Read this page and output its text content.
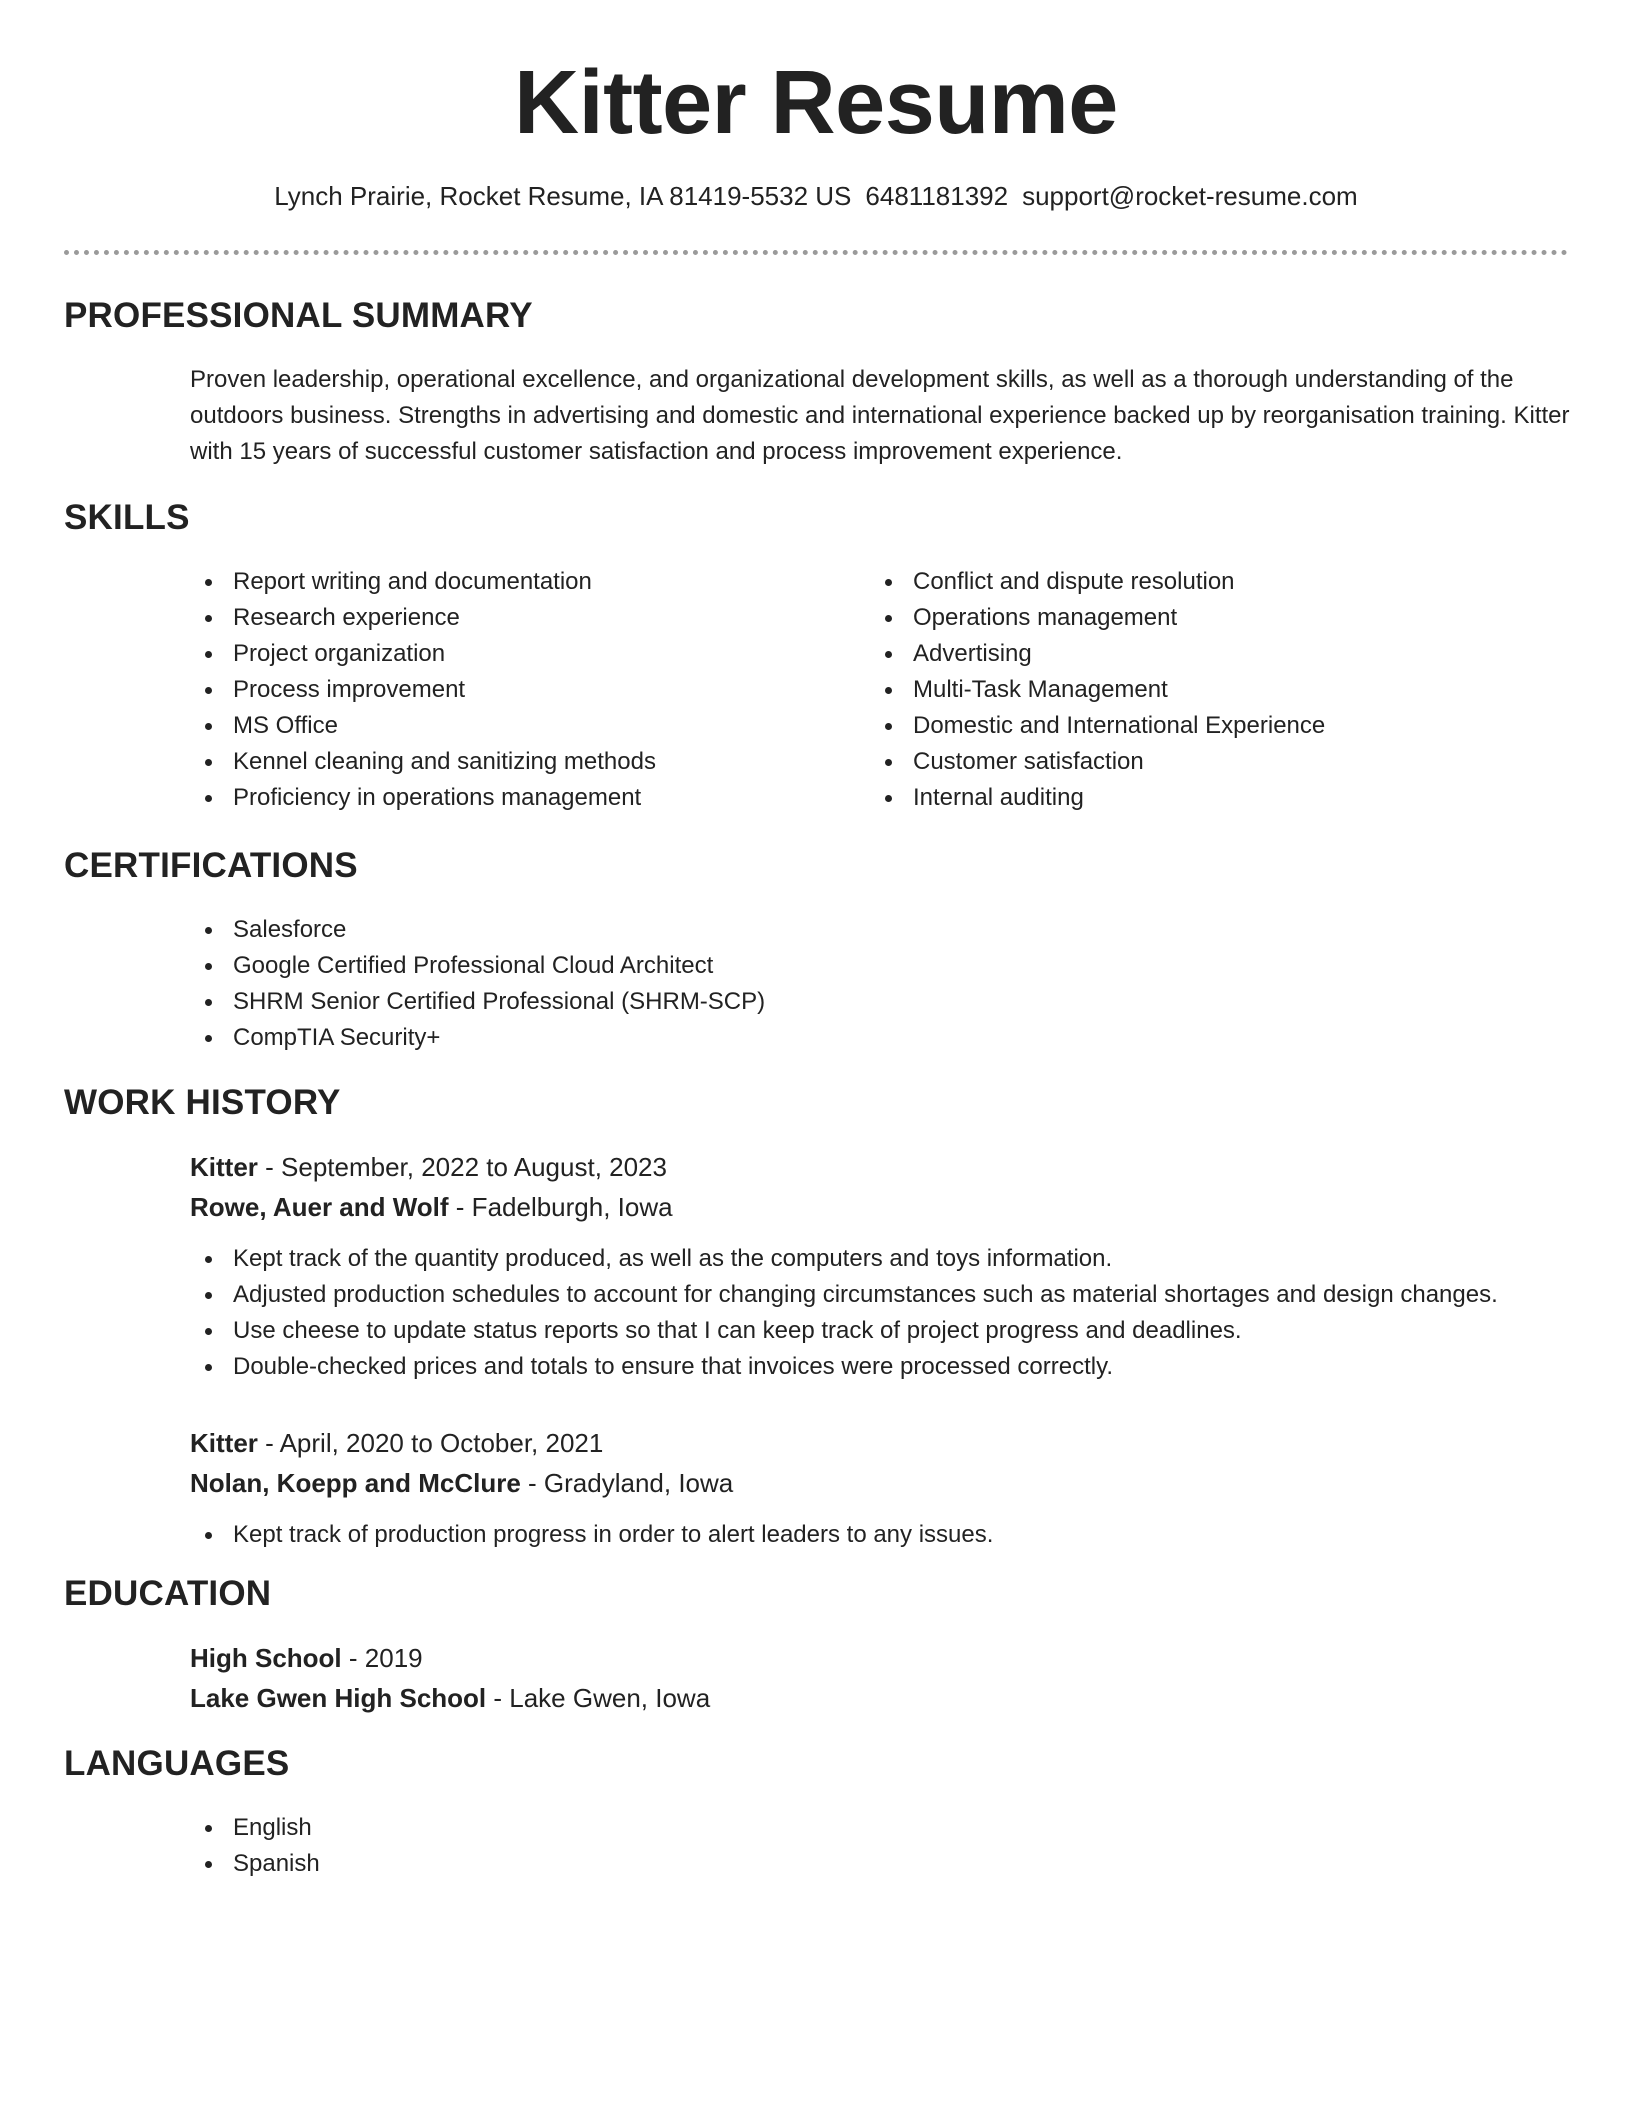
Kitter Resume
Lynch Prairie, Rocket Resume, IA 81419-5532 US 6481181392 support@rocket-resume.com
PROFESSIONAL SUMMARY

Proven leadership, operational excellence, and organizational development skills, as well as a thorough understanding of the outdoors business. Strengths in advertising and domestic and international experience backed up by reorganisation training. Kitter with 15 years of successful customer satisfaction and process improvement experience.

SKILLS
Report writing and documentation
Research experience
Project organization
Process improvement
MS Office
Kennel cleaning and sanitizing methods
Proficiency in operations management
Conflict and dispute resolution
Operations management
Advertising
Multi-Task Management
Domestic and International Experience
Customer satisfaction
Internal auditing
CERTIFICATIONS
Salesforce
Google Certified Professional Cloud Architect
SHRM Senior Certified Professional (SHRM-SCP)
CompTIA Security+
WORK HISTORY
Kitter - September, 2022 to August, 2023
Rowe, Auer and Wolf - Fadelburgh, Iowa
Kept track of the quantity produced, as well as the computers and toys information.
Adjusted production schedules to account for changing circumstances such as material shortages and design changes.
Use cheese to update status reports so that I can keep track of project progress and deadlines.
Double-checked prices and totals to ensure that invoices were processed correctly.
Kitter - April, 2020 to October, 2021
Nolan, Koepp and McClure - Gradyland, Iowa
Kept track of production progress in order to alert leaders to any issues.
EDUCATION
High School - 2019
Lake Gwen High School - Lake Gwen, Iowa
LANGUAGES
English
Spanish
